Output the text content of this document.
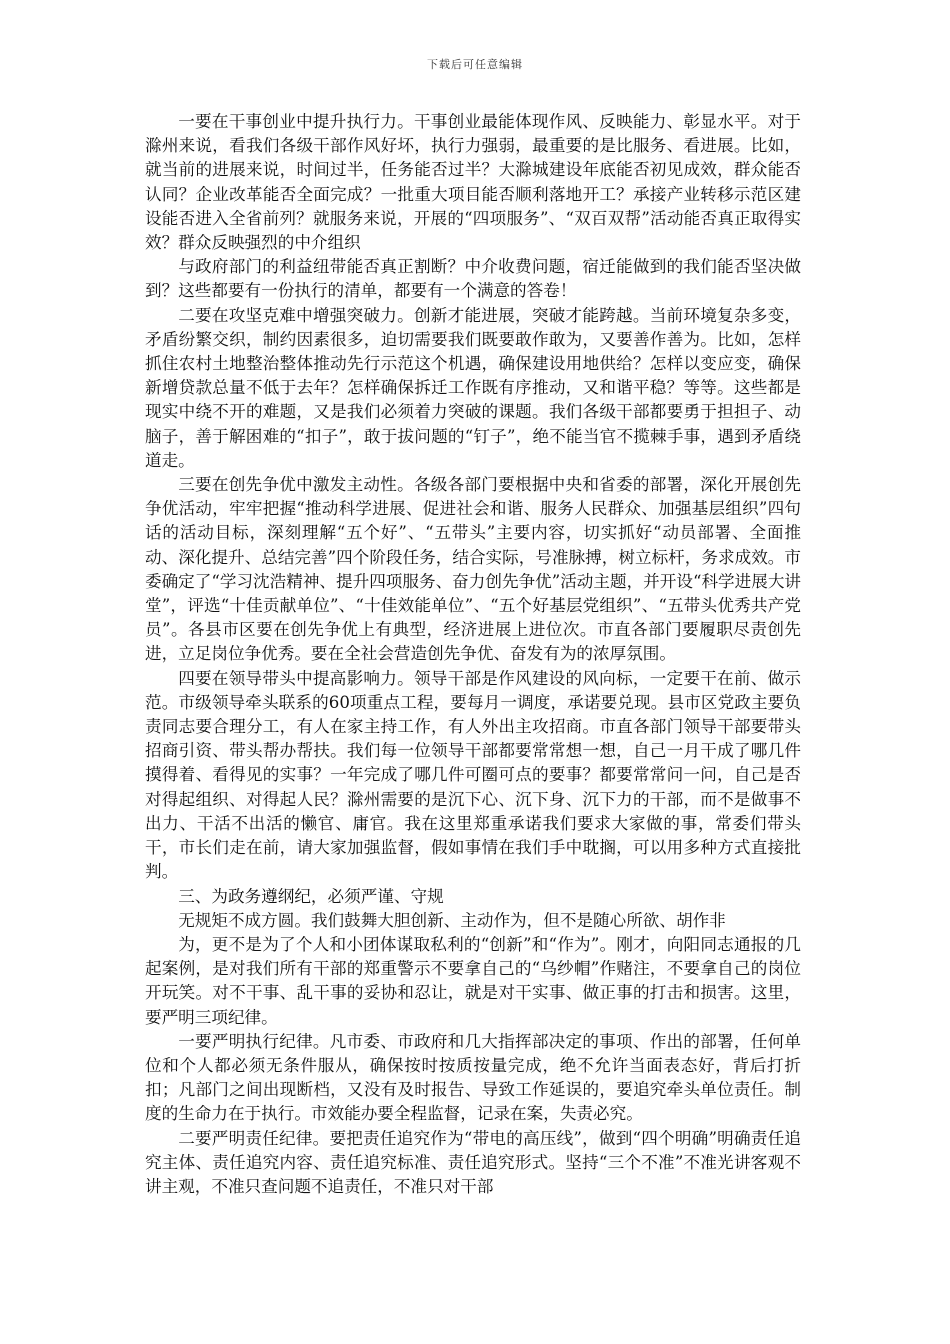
下载后可任意编辑

一要在干事创业中提升执行力。干事创业最能体现作风、反映能力、彰显水平。对于滁州来说，看我们各级干部作风好坏，执行力强弱，最重要的是比服务、看进展。比如，就当前的进展来说，时间过半，任务能否过半？大滁城建设年底能否初见成效，群众能否认同？企业改革能否全面完成？一批重大项目能否顺利落地开工？承接产业转移示范区建设能否进入全省前列？就服务来说，开展的“四项服务”、“双百双帮”活动能否真正取得实效？群众反映强烈的中介组织

与政府部门的利益纽带能否真正割断？中介收费问题，宿迁能做到的我们能否坚决做到？这些都要有一份执行的清单，都要有一个满意的答卷！

二要在攻坚克难中增强突破力。创新才能进展，突破才能跨越。当前环境复杂多变，矛盾纷繁交织，制约因素很多，迫切需要我们既要敢作敢为，又要善作善为。比如，怎样抓住农村土地整治整体推动先行示范这个机遇，确保建设用地供给？怎样以变应变，确保新增贷款总量不低于去年？怎样确保拆迁工作既有序推动，又和谐平稳？等等。这些都是现实中绕不开的难题，又是我们必须着力突破的课题。我们各级干部都要勇于担担子、动脑子，善于解困难的“扣子”，敢于拔问题的“钉子”，绝不能当官不揽棘手事，遇到矛盾绕道走。

三要在创先争优中激发主动性。各级各部门要根据中央和省委的部署，深化开展创先争优活动，牢牢把握“推动科学进展、促进社会和谐、服务人民群众、加强基层组织”四句话的活动目标，深刻理解“五个好”、“五带头”主要内容，切实抓好“动员部署、全面推动、深化提升、总结完善”四个阶段任务，结合实际，号准脉搏，树立标杆，务求成效。市委确定了“学习沈浩精神、提升四项服务、奋力创先争优”活动主题，并开设“科学进展大讲堂”，评选“十佳贡献单位”、“十佳效能单位”、“五个好基层党组织”、“五带头优秀共产党员”。各县市区要在创先争优上有典型，经济进展上进位次。市直各部门要履职尽责创先进，立足岗位争优秀。要在全社会营造创先争优、奋发有为的浓厚氛围。

四要在领导带头中提高影响力。领导干部是作风建设的风向标，一定要干在前、做示范。市级领导牵头联系的60项重点工程，要每月一调度，承诺要兑现。县市区党政主要负责同志要合理分工，有人在家主持工作，有人外出主攻招商。市直各部门领导干部要带头招商引资、带头帮办帮扶。我们每一位领导干部都要常常想一想，自己一月干成了哪几件摸得着、看得见的实事？一年完成了哪几件可圈可点的要事？都要常常问一问，自己是否对得起组织、对得起人民？滁州需要的是沉下心、沉下身、沉下力的干部，而不是做事不出力、干活不出活的懒官、庸官。我在这里郑重承诺我们要求大家做的事，常委们带头干，市长们走在前，请大家加强监督，假如事情在我们手中耽搁，可以用多种方式直接批判。

三、为政务遵纲纪，必须严谨、守规

无规矩不成方圆。我们鼓舞大胆创新、主动作为，但不是随心所欲、胡作非

为，更不是为了个人和小团体谋取私利的“创新”和“作为”。刚才，向阳同志通报的几起案例，是对我们所有干部的郑重警示不要拿自己的“乌纱帽”作赌注，不要拿自己的岗位开玩笑。对不干事、乱干事的妥协和忍让，就是对干实事、做正事的打击和损害。这里，要严明三项纪律。

一要严明执行纪律。凡市委、市政府和几大指挥部决定的事项、作出的部署，任何单位和个人都必须无条件服从，确保按时按质按量完成，绝不允许当面表态好，背后打折扣；凡部门之间出现断档，又没有及时报告、导致工作延误的，要追究牵头单位责任。制度的生命力在于执行。市效能办要全程监督，记录在案，失责必究。

二要严明责任纪律。要把责任追究作为“带电的高压线”，做到“四个明确”明确责任追究主体、责任追究内容、责任追究标准、责任追究形式。坚持“三个不准”不准光讲客观不讲主观，不准只查问题不追责任，不准只对干部
